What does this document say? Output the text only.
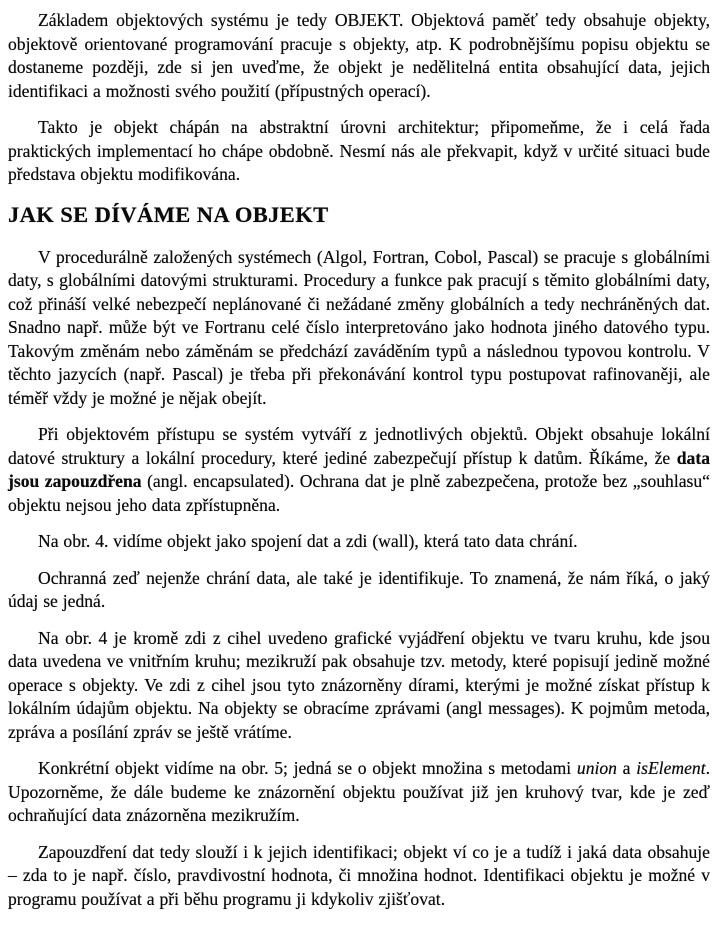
Základem objektových systému je tedy OBJEKT. Objektová paměť tedy obsahuje objekty, objektově orientované programování pracuje s objekty, atp. K podrobnějšímu popisu objektu se dostaneme později, zde si jen uveďme, že objekt je nedělitelná entita obsahující data, jejich identifikaci a možnosti svého použití (přípustných operací).

Takto je objekt chápán na abstraktní úrovni architektur; připomeňme, že i celá řada praktických implementací ho chápe obdobně. Nesmí nás ale překvapit, když v určité situaci bude představa objektu modifikována.

JAK SE DÍVÁME NA OBJEKT

V procedurálně založených systémech (Algol, Fortran, Cobol, Pascal) se pracuje s globálními daty, s globálními datovými strukturami. Procedury a funkce pak pracují s těmito globálními daty, což přináší velké nebezpečí neplánované či nežádané změny globálních a tedy nechráněných dat. Snadno např. může být ve Fortranu celé číslo interpretováno jako hodnota jiného datového typu. Takovým změnám nebo záměnám se předchází zaváděním typů a následnou typovou kontrolu. V těchto jazycích (např. Pascal) je třeba při překonávání kontrol typu postupovat rafinovaněji, ale téměř vždy je možné je nějak obejít.

Při objektovém přístupu se systém vytváří z jednotlivých objektů. Objekt obsahuje lokální datové struktury a lokální procedury, které jediné zabezpečují přístup k datům. Říkáme, že data jsou zapouzdřena (angl. encapsulated). Ochrana dat je plně zabezpečena, protože bez „souhlasu“ objektu nejsou jeho data zpřístupněna.

Na obr. 4. vidíme objekt jako spojení dat a zdi (wall), která tato data chrání.

Ochranná zeď nejenže chrání data, ale také je identifikuje. To znamená, že nám říká, o jaký údaj se jedná.

Na obr. 4 je kromě zdi z cihel uvedeno grafické vyjádření objektu ve tvaru kruhu, kde jsou data uvedena ve vnitřním kruhu; mezikruží pak obsahuje tzv. metody, které popisují jedině možné operace s objekty. Ve zdi z cihel jsou tyto znázorněny dírami, kterými je možné získat přístup k lokálním údajům objektu. Na objekty se obracíme zprávami (angl messages). K pojmům metoda, zpráva a posílání zpráv se ještě vrátíme.

Konkrétní objekt vidíme na obr. 5; jedná se o objekt množina s metodami union a isElement. Upozorněme, že dále budeme ke znázornění objektu používat již jen kruhový tvar, kde je zeď ochraňující data znázorněna mezikružím.

Zapouzdření dat tedy slouží i k jejich identifikaci; objekt ví co je a tudíž i jaká data obsahuje – zda to je např. číslo, pravdivostní hodnota, či množina hodnot. Identifikaci objektu je možné v programu používat a při běhu programu ji kdykoliv zjišťovat.
